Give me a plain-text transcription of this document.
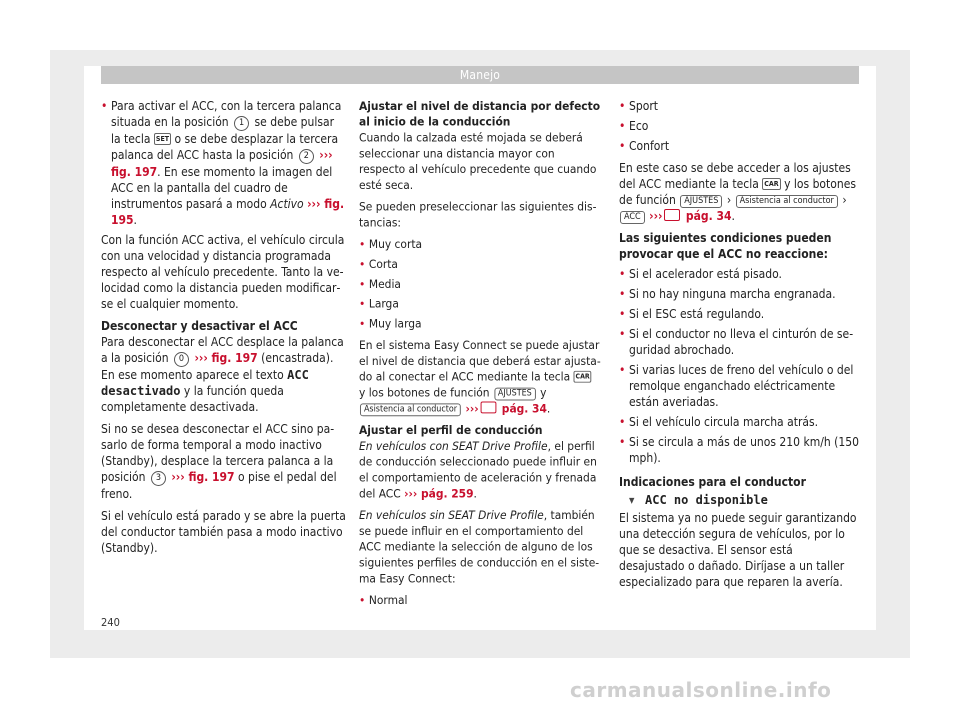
Manejo

• Para activar el ACC, con la tercera palanca situada en la posición 1 se debe pulsar la tecla SET o se debe desplazar la tercera palanca del ACC hasta la posición 2 ››› fig. 197. En ese momento la imagen del ACC en la pantalla del cuadro de instrumentos pasará a modo Activo ››› fig. 195.

Con la función ACC activa, el vehículo circula con una velocidad y distancia programada respecto al vehículo precedente. Tanto la velocidad como la distancia pueden modificarse el cualquier momento.

Desconectar y desactivar el ACC

Para desconectar el ACC desplace la palanca a la posición 0 ››› fig. 197 (encastrada). En ese momento aparece el texto ACC desactivado y la función queda completamente desactivada.

Si no se desea desconectar el ACC sino pasarlo de forma temporal a modo inactivo (Standby), desplace la tercera palanca a la posición 3 ››› fig. 197 o pise el pedal del freno.

Si el vehículo está parado y se abre la puerta del conductor también pasa a modo inactivo (Standby).

Ajustar el nivel de distancia por defecto al inicio de la conducción

Cuando la calzada esté mojada se deberá seleccionar una distancia mayor con respecto al vehículo precedente que cuando esté seca.

Se pueden preseleccionar las siguientes distancias:

• Muy corta
• Corta
• Media
• Larga
• Muy larga

En el sistema Easy Connect se puede ajustar el nivel de distancia que deberá estar ajustado al conectar el ACC mediante la tecla CAR y los botones de función AJUSTES y Asistencia al conductor ››› pág. 34.

Ajustar el perfil de conducción

En vehículos con SEAT Drive Profile, el perfil de conducción seleccionado puede influir en el comportamiento de aceleración y frenada del ACC ››› pág. 259.

En vehículos sin SEAT Drive Profile, también se puede influir en el comportamiento del ACC mediante la selección de alguno de los siguientes perfiles de conducción en el sistema Easy Connect:

• Normal
• Sport
• Eco
• Confort

En este caso se debe acceder a los ajustes del ACC mediante la tecla CAR y los botones de función AJUSTES › Asistencia al conductor › ACC ››› pág. 34.

Las siguientes condiciones pueden provocar que el ACC no reaccione:

• Si el acelerador está pisado.
• Si no hay ninguna marcha engranada.
• Si el ESC está regulando.
• Si el conductor no lleva el cinturón de seguridad abrochado.
• Si varias luces de freno del vehículo o del remolque enganchado eléctricamente están averiadas.
• Si el vehículo circula marcha atrás.
• Si se circula a más de unos 210 km/h (150 mph).

Indicaciones para el conductor

▾ ACC no disponible

El sistema ya no puede seguir garantizando una detección segura de vehículos, por lo que se desactiva. El sensor está desajustado o dañado. Diríjase a un taller especializado para que reparen la avería.

240
carmanualsonline.info
